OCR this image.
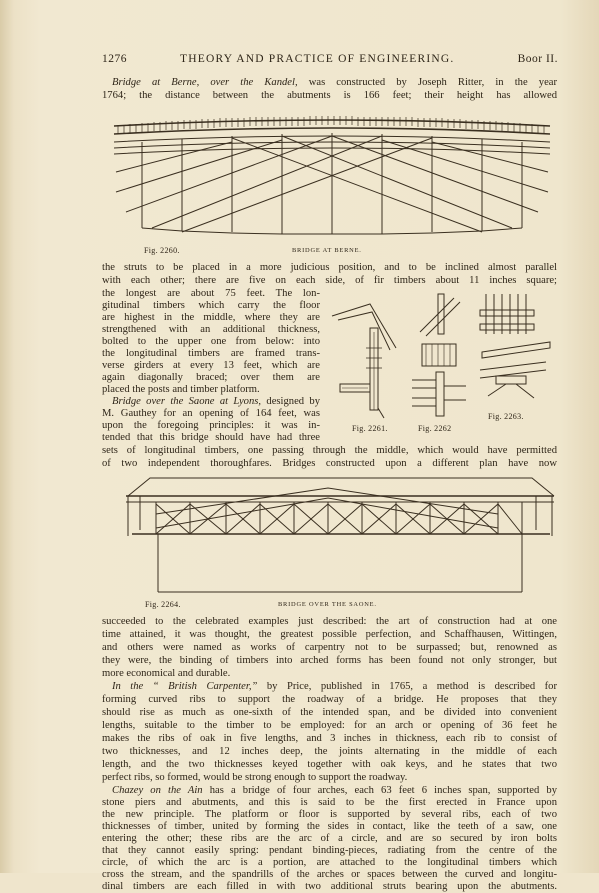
1276	THEORY AND PRACTICE OF ENGINEERING.	Boor II.
Bridge at Berne, over the Kandel, was constructed by Joseph Ritter, in the year
1764; the distance between the abutments is 166 feet; their height has allowed
Fig. 2260.	BRIDGE AT BERNE.
the struts to be placed in a more judicious position, and to be inclined almost parallel
with each other; there are five on each side, of fir timbers about 11 inches square;
the longest are about 75 feet. The lon-
gitudinal timbers which carry the floor
are highest in the middle, where they are
strengthened with an additional thickness,
bolted to the upper one from below: into
the longitudinal timbers are framed trans-
verse girders at every 13 feet, which are
again diagonally braced; over them are
placed the posts and timber platform.
Bridge over the Saone at Lyons, designed by
M. Gauthey for an opening of 164 feet, was
upon the foregoing principles: it was in-
tended that this bridge should have had three
sets of longitudinal timbers, one passing through the middle, which would have permitted
of two independent thoroughfares. Bridges constructed upon a different plan have now
Fig. 2261.	Fig. 2262
Fig. 2263.
Fig. 2264.	BRIDGE OVER THE SAONE.
succeeded to the celebrated examples just described: the art of construction had at one
time attained, it was thought, the greatest possible perfection, and Schaffhausen, Wittingen,
and others were named as works of carpentry not to be surpassed; but, renowned as
they were, the binding of timbers into arched forms has been found not only stronger, but
more economical and durable.
In the “ British Carpenter,” by Price, published in 1765, a method is described for
forming curved ribs to support the roadway of a bridge. He proposes that they
should rise as much as one-sixth of the intended span, and be divided into convenient
lengths, suitable to the timber to be employed: for an arch or opening of 36 feet he
makes the ribs of oak in five lengths, and 3 inches in thickness, each rib to consist of
two thicknesses, and 12 inches deep, the joints alternating in the middle of each
length, and the two thicknesses keyed together with oak keys, and he states that two
perfect ribs, so formed, would be strong enough to support the roadway.
Chazey on the Ain has a bridge of four arches, each 63 feet 6 inches span, supported by
stone piers and abutments, and this is said to be the first erected in France upon
the new principle. The platform or floor is supported by several ribs, each of two
thicknesses of timber, united by forming the sides in contact, like the teeth of a saw, one
entering the other; these ribs are the arc of a circle, and are so secured by iron bolts
that they cannot easily spring: pendant binding-pieces, radiating from the centre of the
circle, of which the arc is a portion, are attached to the longitudinal timbers which
cross the stream, and the spandrills of the arches or spaces between the curved and longitu-
dinal timbers are each filled in with two additional struts bearing upon the abutments.
